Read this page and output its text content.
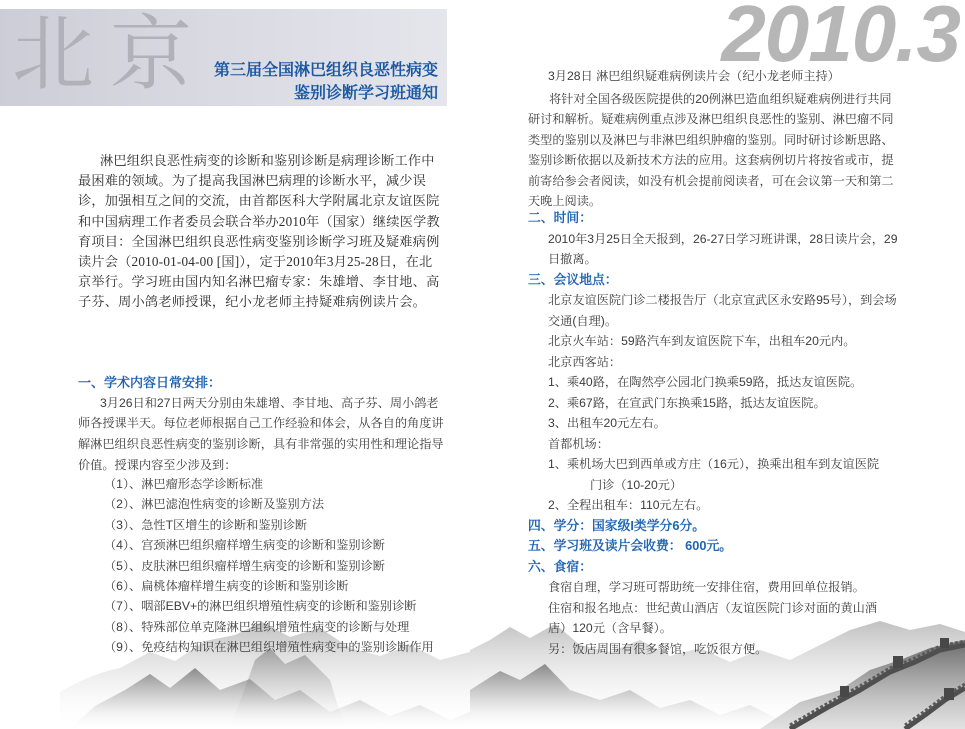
北京 第三届全国淋巴组织良恶性病变
鉴别诊断学习班通知
2010.3
淋巴组织良恶性病变的诊断和鉴别诊断是病理诊断工作中
最困难的领域。为了提高我国淋巴病理的诊断水平，减少误
诊，加强相互之间的交流，由首都医科大学附属北京友谊医院
和中国病理工作者委员会联合举办2010年（国家）继续医学教
育项目：全国淋巴组织良恶性病变鉴别诊断学习班及疑难病例
读片会（2010-01-04-00 [国]），定于2010年3月25-28日，在北
京举行。学习班由国内知名淋巴瘤专家：朱雄增、李甘地、高
子芬、周小鸽老师授课，纪小龙老师主持疑难病例读片会。
一、学术内容日常安排：
3月26日和27日两天分别由朱雄增、李甘地、高子芬、周小鸽老
师各授课半天。每位老师根据自己工作经验和体会，从各自的角度讲
解淋巴组织良恶性病变的鉴别诊断，具有非常强的实用性和理论指导
价值。授课内容至少涉及到：
（1）、淋巴瘤形态学诊断标准
（2）、淋巴滤泡性病变的诊断及鉴别方法
（3）、急性T区增生的诊断和鉴别诊断
（4）、宫颈淋巴组织瘤样增生病变的诊断和鉴别诊断
（5）、皮肤淋巴组织瘤样增生病变的诊断和鉴别诊断
（6）、扁桃体瘤样增生病变的诊断和鉴别诊断
（7）、咽部EBV+的淋巴组织增殖性病变的诊断和鉴别诊断
（8）、特殊部位单克隆淋巴组织增殖性病变的诊断与处理
（9）、免疫结构知识在淋巴组织增殖性病变中的鉴别诊断作用
3月28日 淋巴组织疑难病例读片会（纪小龙老师主持）
将针对全国各级医院提供的20例淋巴造血组织疑难病例进行共同
研讨和解析。疑难病例重点涉及淋巴组织良恶性的鉴别、淋巴瘤不同
类型的鉴别以及淋巴与非淋巴组织肿瘤的鉴别。同时研讨诊断思路、
鉴别诊断依据以及新技术方法的应用。这套病例切片将按省或市，提
前寄给参会者阅读，如没有机会提前阅读者，可在会议第一天和第二
天晚上阅读。
二、时间：
2010年3月25日全天报到，26-27日学习班讲课，28日读片会，29
日撤离。
三、会议地点：
北京友谊医院门诊二楼报告厅（北京宣武区永安路95号），到会场
交通(自理)。
北京火车站：59路汽车到友谊医院下车，出租车20元内。
北京西客站：
1、乘40路，在陶然亭公园北门换乘59路，抵达友谊医院。
2、乘67路，在宣武门东换乘15路，抵达友谊医院。
3、出租车20元左右。
首都机场：
1、乘机场大巴到西单或方庄（16元），换乘出租车到友谊医院
门诊（10-20元）
2、全程出租车：110元左右。
四、学分：国家级I类学分6分。
五、学习班及读片会收费： 600元。
六、食宿：
食宿自理，学习班可帮助统一安排住宿，费用回单位报销。
住宿和报名地点：世纪黄山酒店（友谊医院门诊对面的黄山酒
店）120元（含早餐）。
另：饭店周围有很多餐馆，吃饭很方便。
